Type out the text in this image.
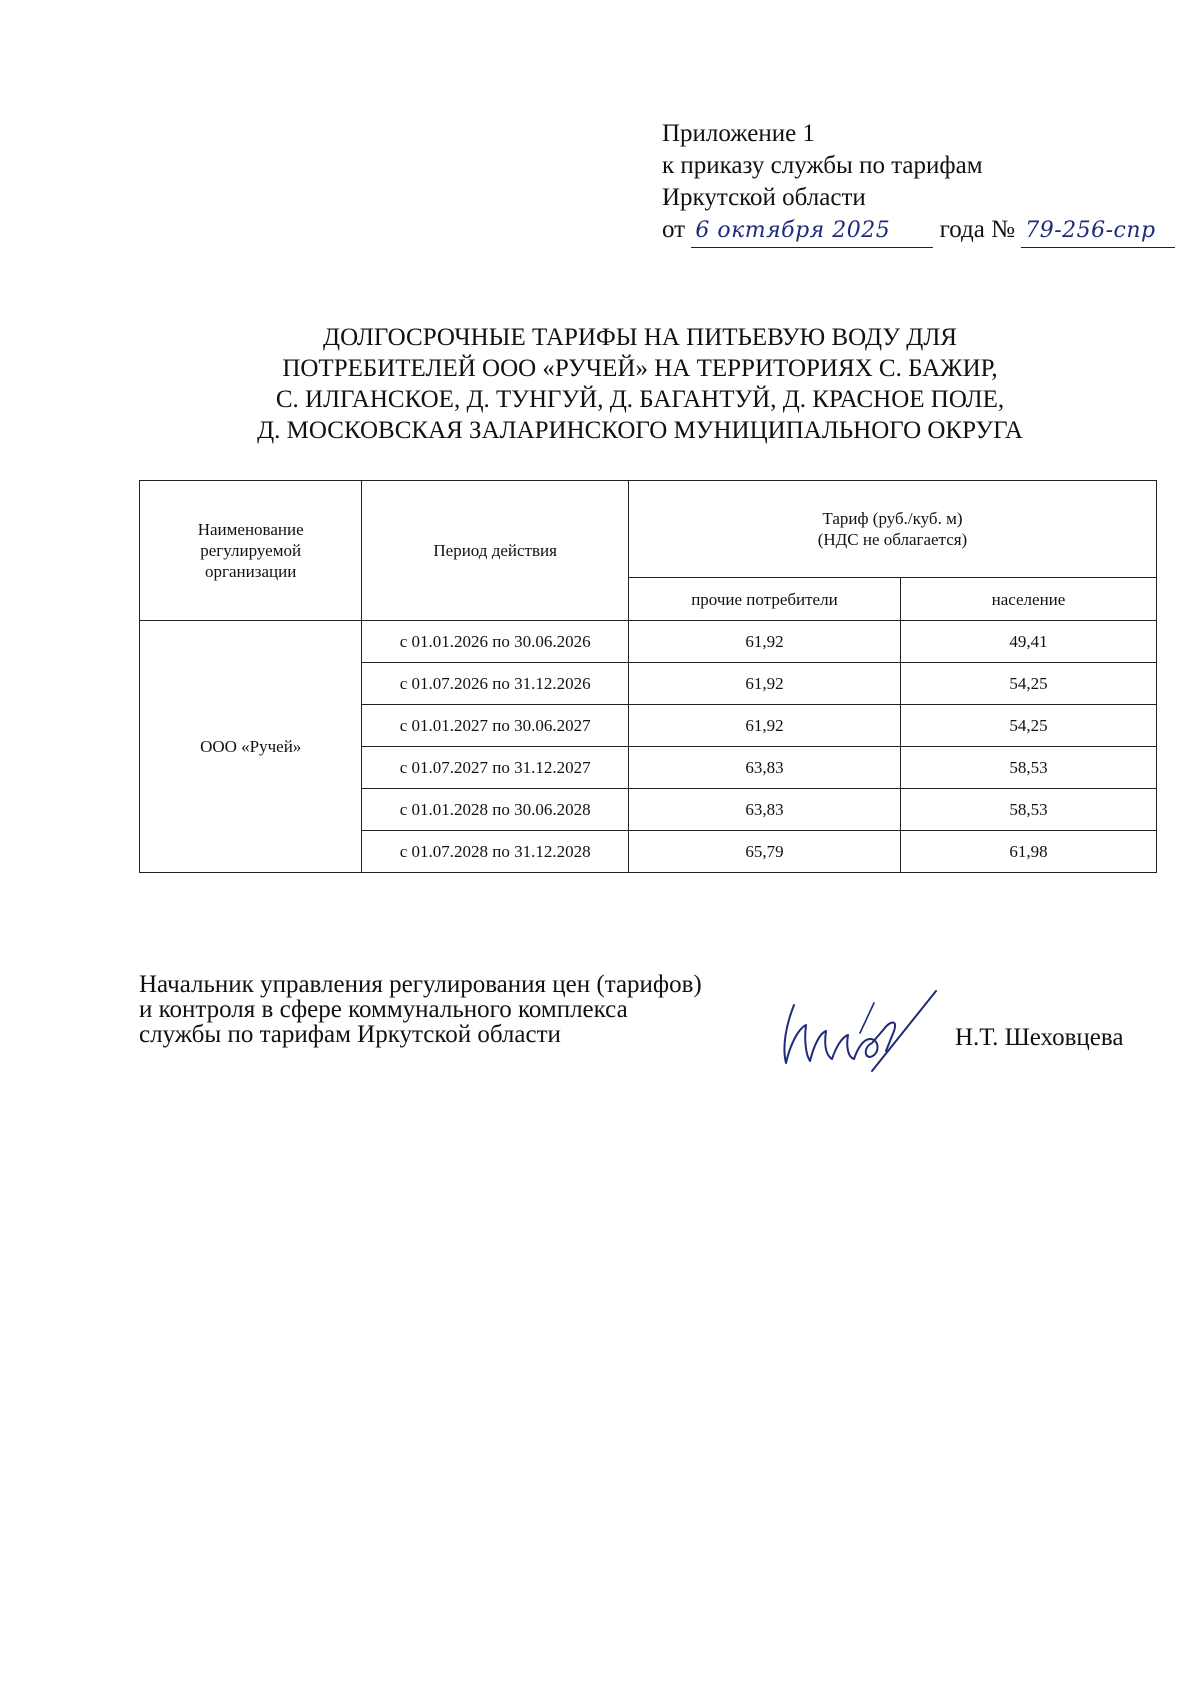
Приложение 1
к приказу службы по тарифам
Иркутской области
от 6 октября 2025 года № 79-256-спр
ДОЛГОСРОЧНЫЕ ТАРИФЫ НА ПИТЬЕВУЮ ВОДУ ДЛЯ
ПОТРЕБИТЕЛЕЙ ООО «РУЧЕЙ» НА ТЕРРИТОРИЯХ С. БАЖИР,
С. ИЛГАНСКОЕ, Д. ТУНГУЙ, Д. БАГАНТУЙ, Д. КРАСНОЕ ПОЛЕ,
Д. МОСКОВСКАЯ ЗАЛАРИНСКОГО МУНИЦИПАЛЬНОГО ОКРУГА
Наименование
регулируемой
организации	Период действия	Тариф (руб./куб. м)
(НДС не облагается)	
		прочие потребители	население
ООО «Ручей»	с 01.01.2026 по 30.06.2026	61,92	49,41
	с 01.07.2026 по 31.12.2026	61,92	54,25
	с 01.01.2027 по 30.06.2027	61,92	54,25
	с 01.07.2027 по 31.12.2027	63,83	58,53
	с 01.01.2028 по 30.06.2028	63,83	58,53
	с 01.07.2028 по 31.12.2028	65,79	61,98
Начальник управления регулирования цен (тарифов)
и контроля в сфере коммунального комплекса
службы по тарифам Иркутской области	Н.Т. Шеховцева
